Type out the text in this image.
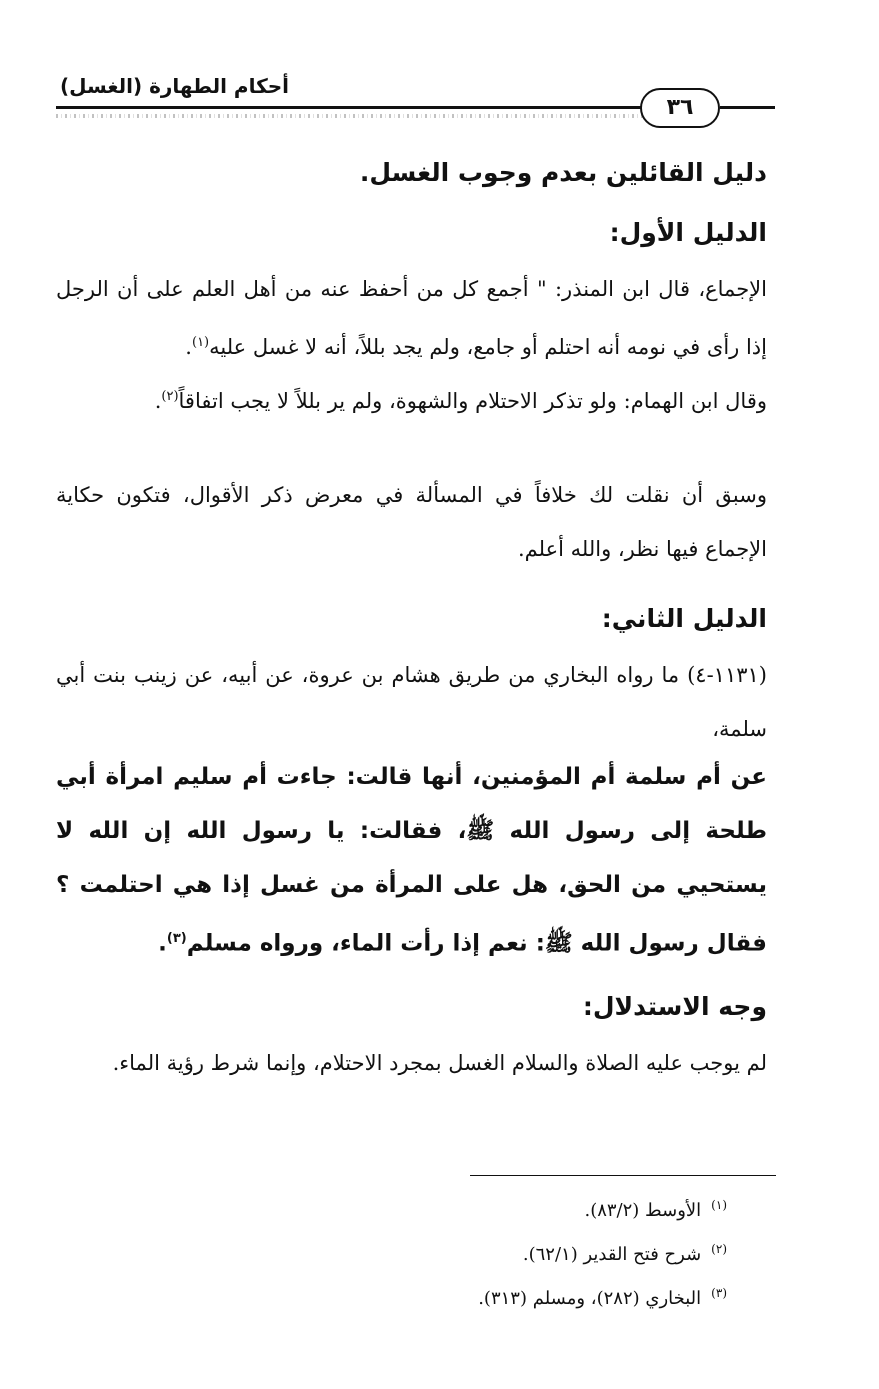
أحكام الطهارة (الغسل)
٣٦
دليل القائلين بعدم وجوب الغسل.
الدليل الأول:
الإجماع، قال ابن المنذر: " أجمع كل من أحفظ عنه من أهل العلم على أن الرجل إذا رأى في نومه أنه احتلم أو جامع، ولم يجد بللاً، أنه لا غسل عليه$^{(١)}$.
وقال ابن الهمام: ولو تذكر الاحتلام والشهوة، ولم ير بللاً لا يجب اتفاقاً$^{(٢)}$.
وسبق أن نقلت لك خلافاً في المسألة في معرض ذكر الأقوال، فتكون حكاية الإجماع فيها نظر، والله أعلم.
الدليل الثاني:
(١١٣١-٤) ما رواه البخاري من طريق هشام بن عروة، عن أبيه، عن زينب بنت أبي سلمة،
عن أم سلمة أم المؤمنين، أنها قالت: جاءت أم سليم امرأة أبي طلحة إلى رسول الله ﷺ، فقالت: يا رسول الله إن الله لا يستحيي من الحق، هل على المرأة من غسل إذا هي احتلمت ؟ فقال رسول الله ﷺ: نعم إذا رأت الماء، ورواه مسلم$^{(٣)}$.
وجه الاستدلال:
لم يوجب عليه الصلاة والسلام الغسل بمجرد الاحتلام، وإنما شرط رؤية الماء.
$^{(١)}$الأوسط (٨٣/٢).
$^{(٢)}$شرح فتح القدير (٦٢/١).
$^{(٣)}$البخاري (٢٨٢)، ومسلم (٣١٣).
